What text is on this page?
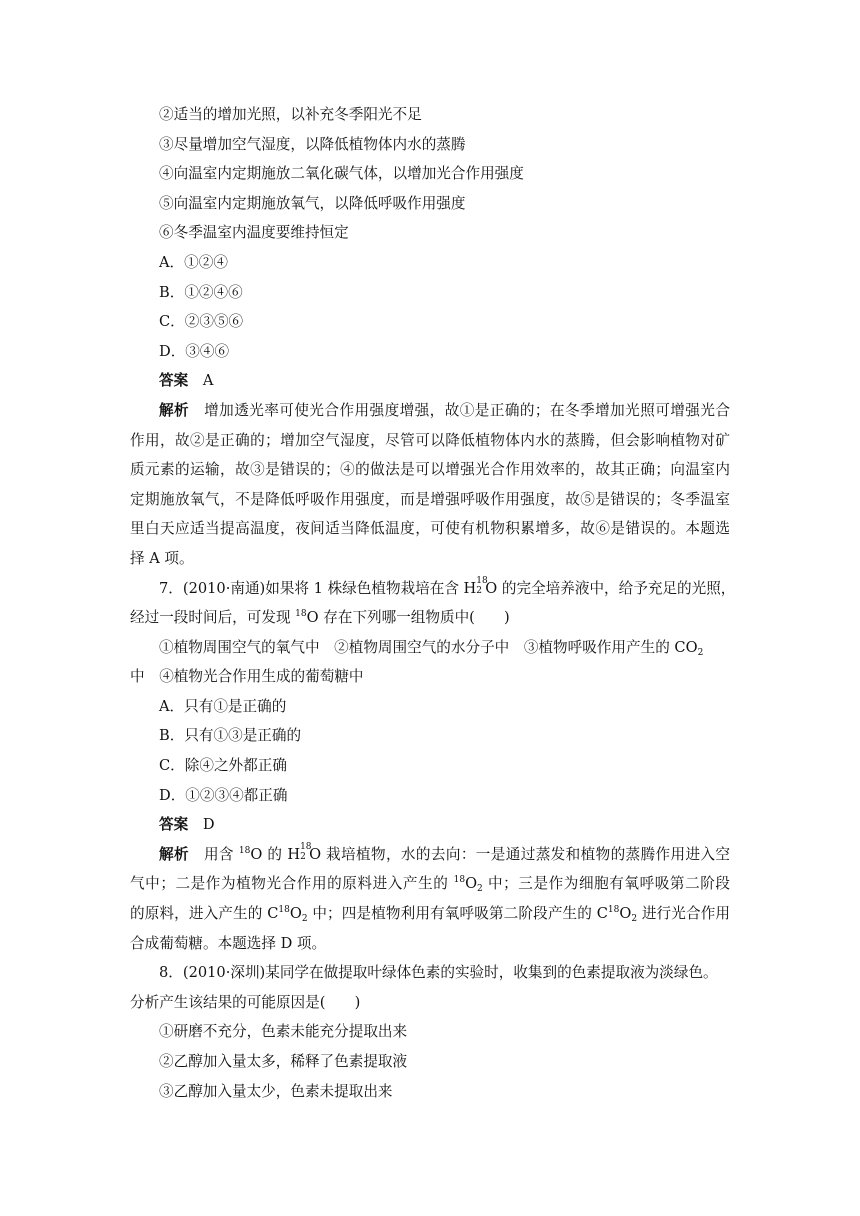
②适当的增加光照，以补充冬季阳光不足
③尽量增加空气湿度，以降低植物体内水的蒸腾
④向温室内定期施放二氧化碳气体，以增加光合作用强度
⑤向温室内定期施放氧气，以降低呼吸作用强度
⑥冬季温室内温度要维持恒定
A．①②④
B．①②④⑥
C．②③⑤⑥
D．③④⑥
答案　 A
解析　 增加透光率可使光合作用强度增强，故①是正确的；在冬季增加光照可增强光合
作用，故②是正确的；增加空气湿度，尽管可以降低植物体内水的蒸腾，但会影响植物对矿
质元素的运输，故③是错误的；④的做法是可以增强光合作用效率的，故其正确；向温室内
定期施放氧气，不是降低呼吸作用强度，而是增强呼吸作用强度，故⑤是错误的；冬季温室
里白天应适当提高温度，夜间适当降低温度，可使有机物积累增多，故⑥是错误的。本题选
择 A 项。
7．(2010·南通)如果将 1 株绿色植物栽培在含 H 18
2 O 的完全培养液中，给予充足的光照，
经过一段时间后，可发现 $^{18}$O 存在下列哪一组物质中(　　)
①植物周围空气的氧气中　②植物周围空气的水分子中　③植物呼吸作用产生的 $CO_2$
中　④植物光合作用生成的葡萄糖中
A．只有①是正确的
B．只有①③是正确的
C．除④之外都正确
D．①②③④都正确
答案　 D
解析　 用含 $^{18}$O 的 H 18
2 O 栽培植物，水的去向：一是通过蒸发和植物的蒸腾作用进入空
气中；二是作为植物光合作用的原料进入产生的 $^{18}O_2$ 中；三是作为细胞有氧呼吸第二阶段
的原料，进入产生的 $C^{18}O_2$ 中；四是植物利用有氧呼吸第二阶段产生的 $C^{18}O_2$ 进行光合作用
合成葡萄糖。本题选择 D 项。
8．(2010·深圳)某同学在做提取叶绿体色素的实验时，收集到的色素提取液为淡绿色。
分析产生该结果的可能原因是(　　)
①研磨不充分，色素未能充分提取出来
②乙醇加入量太多，稀释了色素提取液
③乙醇加入量太少，色素未提取出来
